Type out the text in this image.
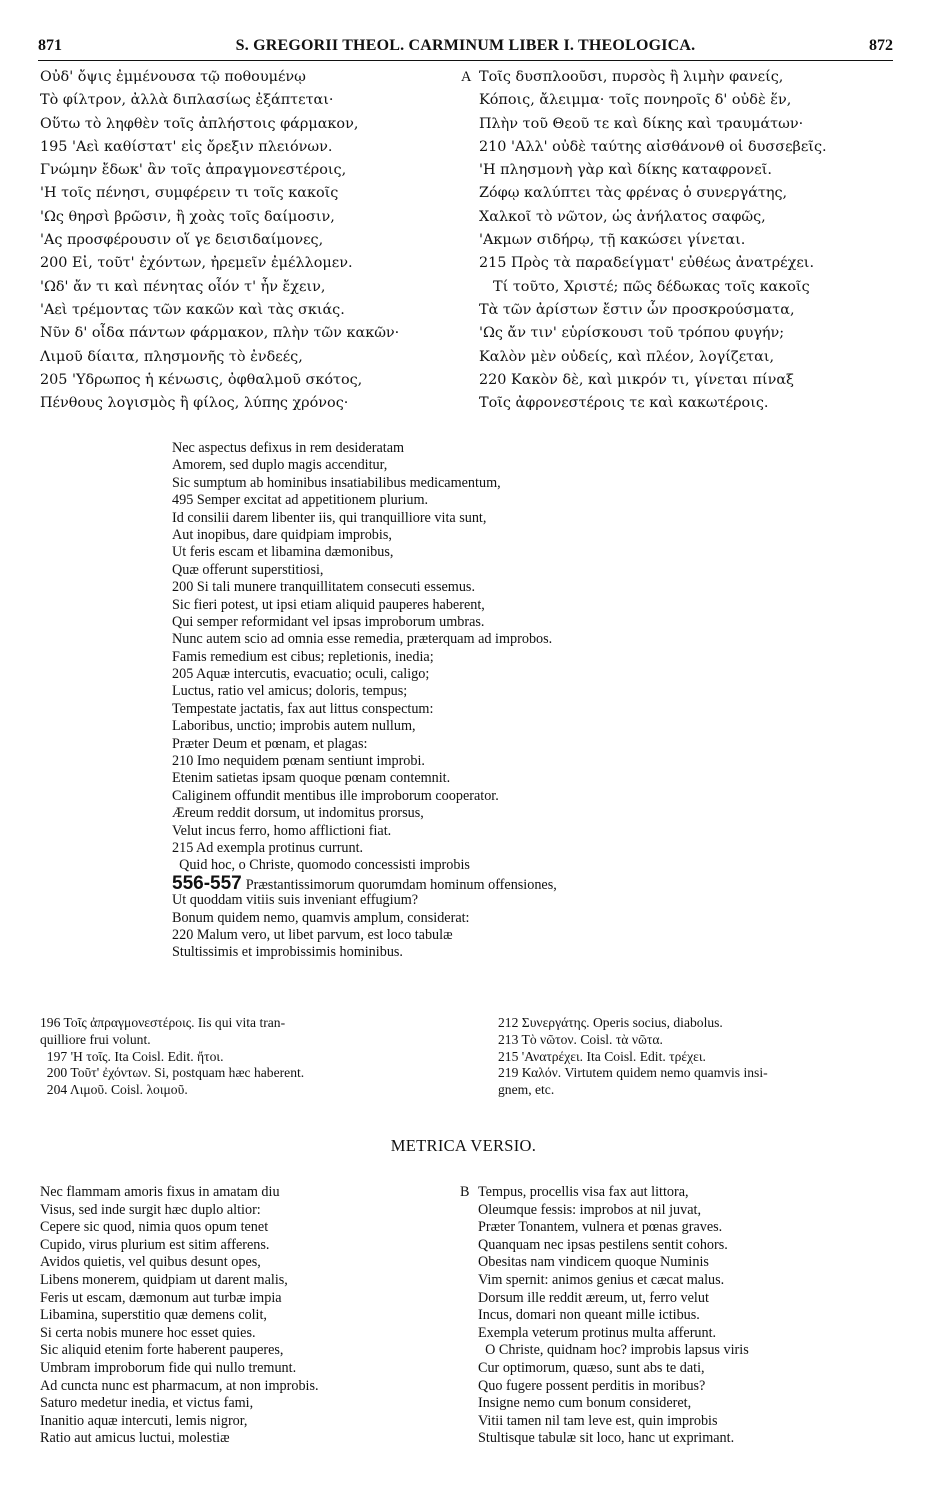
871	S. GREGORII THEOL. CARMINUM LIBER I. THEOLOGICA.	872
Οὐδ' ὄψις ἐμμένουσα τῷ ποθουμένῳ
Τὸ φίλτρον, ἀλλὰ διπλασίως ἐξάπτεται·
Οὕτω τὸ ληφθὲν τοῖς ἀπλήστοις φάρμακον,
195 'Αεὶ καθίστατ' εἰς ὄρεξιν πλειόνων.
Γνώμην ἔδωκ' ἂν τοῖς ἀπραγμονεστέροις,
'Η τοῖς πένησι, συμφέρειν τι τοῖς κακοῖς
'Ως θηρσὶ βρῶσιν, ἢ χοὰς τοῖς δαίμοσιν,
'Ας προσφέρουσιν οἵ γε δεισιδαίμονες,
200 Εἰ, τοῦτ' ἐχόντων, ἠρεμεῖν ἐμέλλομεν.
'Ωδ' ἄν τι καὶ πένητας οἷόν τ' ἦν ἔχειν,
'Αεὶ τρέμοντας τῶν κακῶν καὶ τὰς σκιάς.
Νῦν δ' οἶδα πάντων φάρμακον, πλὴν τῶν κακῶν·
Λιμοῦ δίαιτα, πλησμονῆς τὸ ἐνδεές,
205 'Υδρωπος ἡ κένωσις, ὀφθαλμοῦ σκότος,
Πένθους λογισμὸς ἢ φίλος, λύπης χρόνος·
A Τοῖς δυσπλοοῦσι, πυρσὸς ἢ λιμὴν φανείς,
Κόποις, ἄλειμμα· τοῖς πονηροῖς δ' οὐδὲ ἕν,
Πλὴν τοῦ Θεοῦ τε καὶ δίκης καὶ τραυμάτων·
210 'Αλλ' οὐδὲ ταύτης αἰσθάνονθ οἱ δυσσεβεῖς.
'Η πλησμονὴ γὰρ καὶ δίκης καταφρονεῖ.
Ζόφῳ καλύπτει τὰς φρένας ὁ συνεργάτης,
Χαλκοῖ τὸ νῶτον, ὡς ἀνήλατος σαφῶς,
'Ακμων σιδήρῳ, τῇ κακώσει γίνεται.
215 Πρὸς τὰ παραδείγματ' εὐθέως ἀνατρέχει.
Τί τοῦτο, Χριστέ; πῶς δέδωκας τοῖς κακοῖς
Τὰ τῶν ἀρίστων ἔστιν ὧν προσκρούσματα,
'Ως ἄν τιν' εὑρίσκουσι τοῦ τρόπου φυγήν;
Καλὸν μὲν οὐδείς, καὶ πλέον, λογίζεται,
220 Κακὸν δὲ, καὶ μικρόν τι, γίνεται πίναξ
Τοῖς ἀφρονεστέροις τε καὶ κακωτέροις.
Nec aspectus defixus in rem desideratam
Amorem, sed duplo magis accenditur,
Sic sumptum ab hominibus insatiabilibus medicamentum,
495 Semper excitat ad appetitionem plurium.
Id consilii darem libenter iis, qui tranquilliore vita sunt,
Aut inopibus, dare quidpiam improbis,
Ut feris escam et libamina dæmonibus,
Quæ offerunt superstitiosi,
200 Si tali munere tranquillitatem consecuti essemus.
Sic fieri potest, ut ipsi etiam aliquid pauperes haberent,
Qui semper reformidant vel ipsas improborum umbras.
Nunc autem scio ad omnia esse remedia, præterquam ad improbos.
Famis remedium est cibus; repletionis, inedia;
205 Aquæ intercutis, evacuatio; oculi, caligo;
Luctus, ratio vel amicus; doloris, tempus;
Tempestate jactatis, fax aut littus conspectum:
Laboribus, unctio; improbis autem nullum,
Præter Deum et pœnam, et plagas:
210 Imo nequidem pœnam sentiunt improbi.
Etenim satietas ipsam quoque pœnam contemnit.
Caliginem offundit mentibus ille improborum cooperator.
Æreum reddit dorsum, ut indomitus prorsus,
Velut incus ferro, homo afflictioni fiat.
215 Ad exempla protinus currunt.
Quid hoc, o Christe, quomodo concessisti improbis
556-557 Præstantissimorum quorumdam hominum offensiones,
Ut quoddam vitiis suis inveniant effugium?
Bonum quidem nemo, quamvis amplum, considerat:
220 Malum vero, ut libet parvum, est loco tabulæ
Stultissimis et improbissimis hominibus.
196 Τοῖς ἀπραγμονεστέροις. Iis qui vita tran-
quilliore frui volunt.
197 'Η τοῖς. Ita Coisl. Edit. ἤτοι.
200 Τοῦτ' ἐχόντων. Si, postquam hæc haberent.
204 Λιμοῦ. Coisl. λοιμοῦ.
212 Συνεργάτης. Operis socius, diabolus.
213 Τὸ νῶτον. Coisl. τὰ νῶτα.
215 'Ανατρέχει. Ita Coisl. Edit. τρέχει.
219 Καλόν. Virtutem quidem nemo quamvis insi-
gnem, etc.
METRICA VERSIO.
Nec flammam amoris fixus in amatam diu
Visus, sed inde surgit hæc duplo altior:
Cepere sic quod, nimia quos opum tenet
Cupido, virus plurium est sitim afferens.
Avidos quietis, vel quibus desunt opes,
Libens monerem, quidpiam ut darent malis,
Feris ut escam, dæmonum aut turbæ impia
Libamina, superstitio quæ demens colit,
Si certa nobis munere hoc esset quies.
Sic aliquid etenim forte haberent pauperes,
Umbram improborum fide qui nullo tremunt.
Ad cuncta nunc est pharmacum, at non improbis.
Saturo medetur inedia, et victus fami,
Inanitio aquæ intercuti, lemis nigror,
Ratio aut amicus luctui, molestiæ
B Tempus, procellis visa fax aut littora,
Oleumque fessis: improbos at nil juvat,
Præter Tonantem, vulnera et pœnas graves.
Quanquam nec ipsas pestilens sentit cohors.
Obesitas nam vindicem quoque Numinis
Vim spernit: animos genius et cæcat malus.
Dorsum ille reddit æreum, ut, ferro velut
Incus, domari non queant mille ictibus.
Exempla veterum protinus multa afferunt.
O Christe, quidnam hoc? improbis lapsus viris
Cur optimorum, quæso, sunt abs te dati,
Quo fugere possent perditis in moribus?
Insigne nemo cum bonum consideret,
Vitii tamen nil tam leve est, quin improbis
Stultisque tabulæ sit loco, hanc ut exprimant.
